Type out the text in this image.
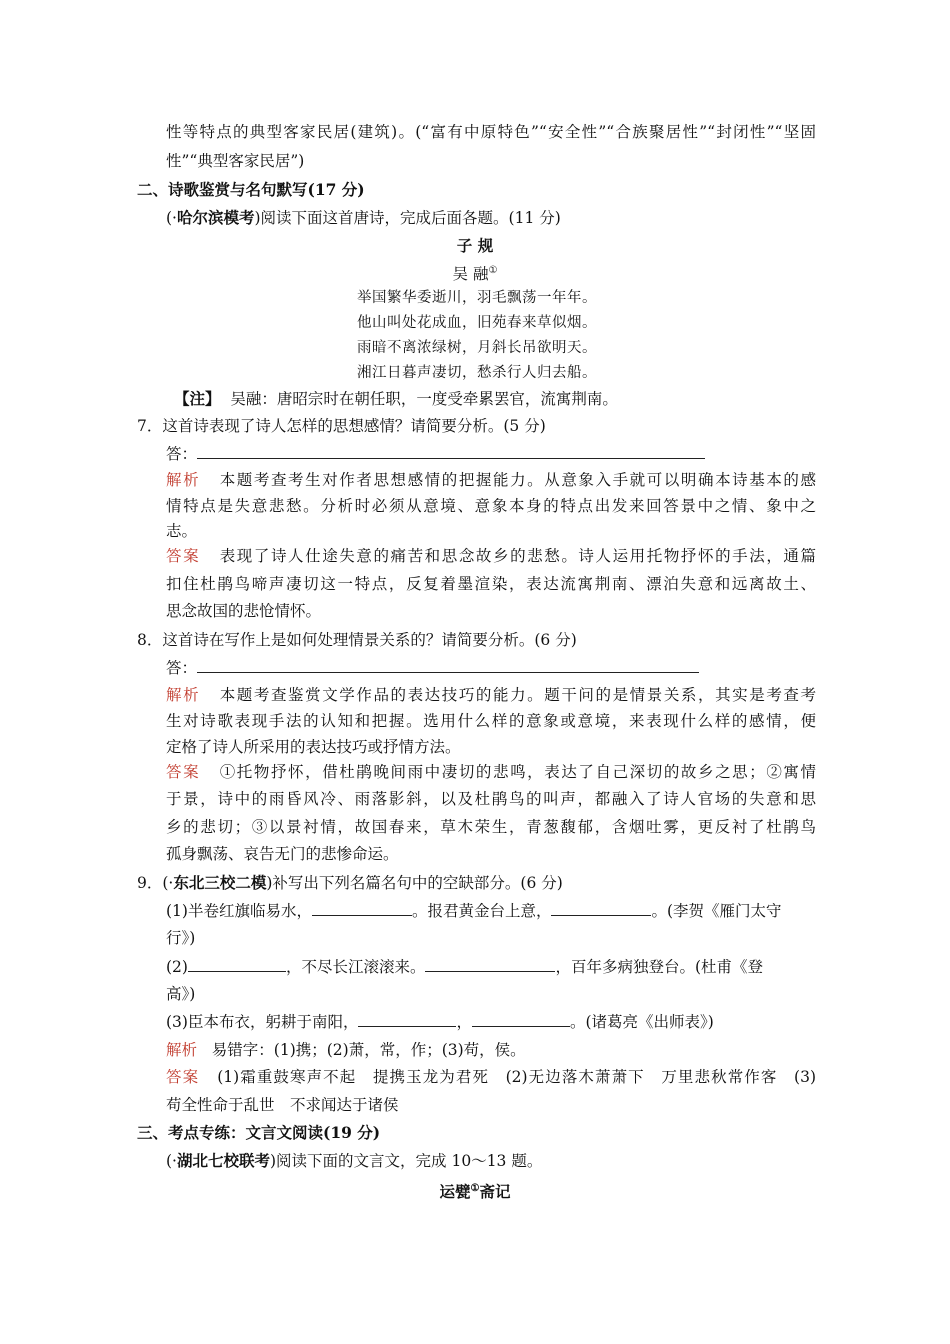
性等特点的典型客家民居(建筑)。(“富有中原特色”“安全性”“合族聚居性”“封闭性”“坚固
性”“典型客家民居”)
二、诗歌鉴赏与名句默写(17 分)
(·哈尔滨模考)阅读下面这首唐诗，完成后面各题。(11 分)
子 规
吴 融①
举国繁华委逝川，羽毛飘荡一年年。
他山叫处花成血，旧苑春来草似烟。
雨暗不离浓绿树，月斜长吊欲明天。
湘江日暮声凄切，愁杀行人归去船。
【注】 吴融：唐昭宗时在朝任职，一度受牵累罢官，流寓荆南。
7．这首诗表现了诗人怎样的思想感情？请简要分析。(5 分)
答：
解析 本题考查考生对作者思想感情的把握能力。从意象入手就可以明确本诗基本的感
情特点是失意悲愁。分析时必须从意境、意象本身的特点出发来回答景中之情、象中之
志。
答案 表现了诗人仕途失意的痛苦和思念故乡的悲愁。诗人运用托物抒怀的手法，通篇
扣住杜鹃鸟啼声凄切这一特点，反复着墨渲染，表达流寓荆南、漂泊失意和远离故土、
思念故国的悲怆情怀。
8．这首诗在写作上是如何处理情景关系的？请简要分析。(6 分)
答：
解析 本题考查鉴赏文学作品的表达技巧的能力。题干问的是情景关系，其实是考查考
生对诗歌表现手法的认知和把握。选用什么样的意象或意境，来表现什么样的感情，便
定格了诗人所采用的表达技巧或抒情方法。
答案 ①托物抒怀，借杜鹃晚间雨中凄切的悲鸣，表达了自己深切的故乡之思；②寓情
于景，诗中的雨昏风冷、雨落影斜，以及杜鹃鸟的叫声，都融入了诗人官场的失意和思
乡的悲切；③以景衬情，故国春来，草木荣生，青葱馥郁，含烟吐雾，更反衬了杜鹃鸟
孤身飘荡、哀告无门的悲惨命运。
9．(·东北三校二模)补写出下列名篇名句中的空缺部分。(6 分)
(1)半卷红旗临易水，	。报君黄金台上意，	。(李贺《雁门太守
行》)
(2)	，不尽长江滚滚来。	，百年多病独登台。(杜甫《登
高》)
(3)臣本布衣，躬耕于南阳，	，	。(诸葛亮《出师表》)
解析 易错字：(1)携；(2)萧，常，作；(3)苟，侯。
答案 (1)霜重鼓寒声不起　提携玉龙为君死　(2)无边落木萧萧下　万里悲秋常作客　(3)
苟全性命于乱世　不求闻达于诸侯
三、考点专练：文言文阅读(19 分)
(·湖北七校联考)阅读下面的文言文，完成 10～13 题。
运甓①斋记
